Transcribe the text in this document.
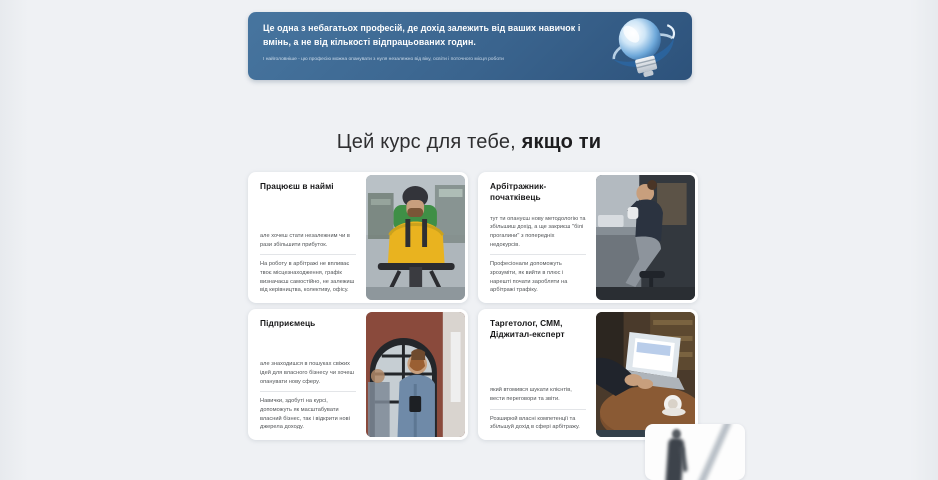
Це одна з небагатьох професій, де дохід залежить від ваших навичок і вмінь, а не від кількості відпрацьованих годин.
І найголовніше - цю професію можна опанувати з нуля незалежно від віку, освіти і поточного місця роботи
Цей курс для тебе, якщо ти
Працюєш в наймі
але хочеш стати незалежним чи в рази збільшити прибуток.
На роботу в арбітражі не впливає твоє місцезнаходження, графік визначаєш самостійно, не залежиш від керівництва, колективу, офісу.
Арбітражник-початківець
тут ти опануєш нову методологію та збільшиш дохід, а ще закриєш "білі прогалини" з попередніх недокурсів.
Професіонали допоможуть зрозуміти, як вийти в плюс і нарешті почати заробляти на арбітражі трафіку.
Підприємець
але знаходишся в пошуках свіжих ідей для власного бізнесу чи хочеш опанувати нову сферу.
Навички, здобуті на курсі, допоможуть як масштабувати власний бізнес, так і відкрити нові джерела доходу.
Таргетолог, СММ, Діджитал-експерт
який втомився шукати клієнтів, вести переговори та звіти.
Розширюй власні компетенції та збільшуй дохід в сфері арбітражу.
